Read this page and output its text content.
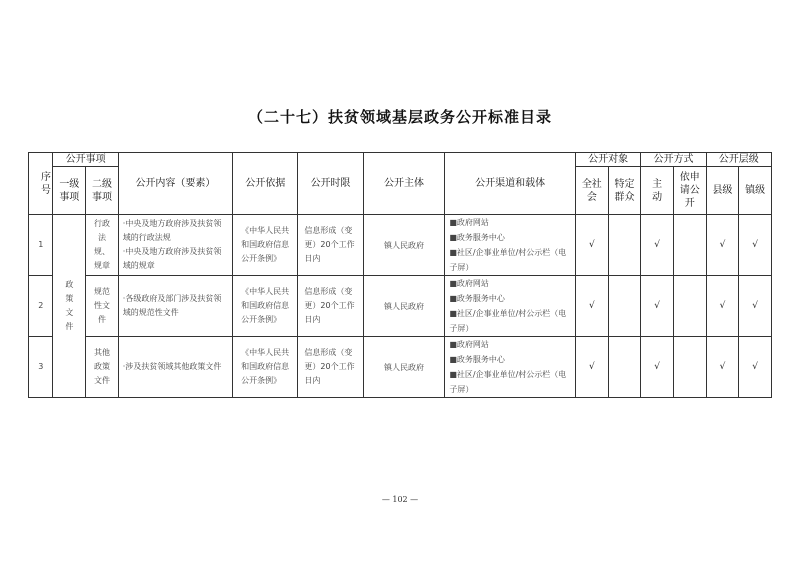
（二十七）扶贫领域基层政务公开标准目录
序号	公开事项		公开内容（要素）	公开依据	公开时限	公开主体	公开渠道和载体	公开对象		公开方式		公开层级	
	一级事项	二级事项						全社会	特定群众	主动	依申请公开	县级	镇级
1	政策文件	行政法规、规章	·中央及地方政府涉及扶贫领域的行政法规
·中央及地方政府涉及扶贫领域的规章	《中华人民共和国政府信息公开条例》	信息形成（变更）20个工作日内	镇人民政府	■政府网站
■政务服务中心
■社区/企事业单位/村公示栏（电子屏）	√		√		√	√
2		规范性文件	·各级政府及部门涉及扶贫领域的规范性文件	《中华人民共和国政府信息公开条例》	信息形成（变更）20个工作日内	镇人民政府	■政府网站
■政务服务中心
■社区/企事业单位/村公示栏（电子屏）	√		√		√	√
3		其他政策文件	·涉及扶贫领域其他政策文件	《中华人民共和国政府信息公开条例》	信息形成（变更）20个工作日内	镇人民政府	■政府网站
■政务服务中心
■社区/企事业单位/村公示栏（电子屏）	√		√		√	√
— 102 —
